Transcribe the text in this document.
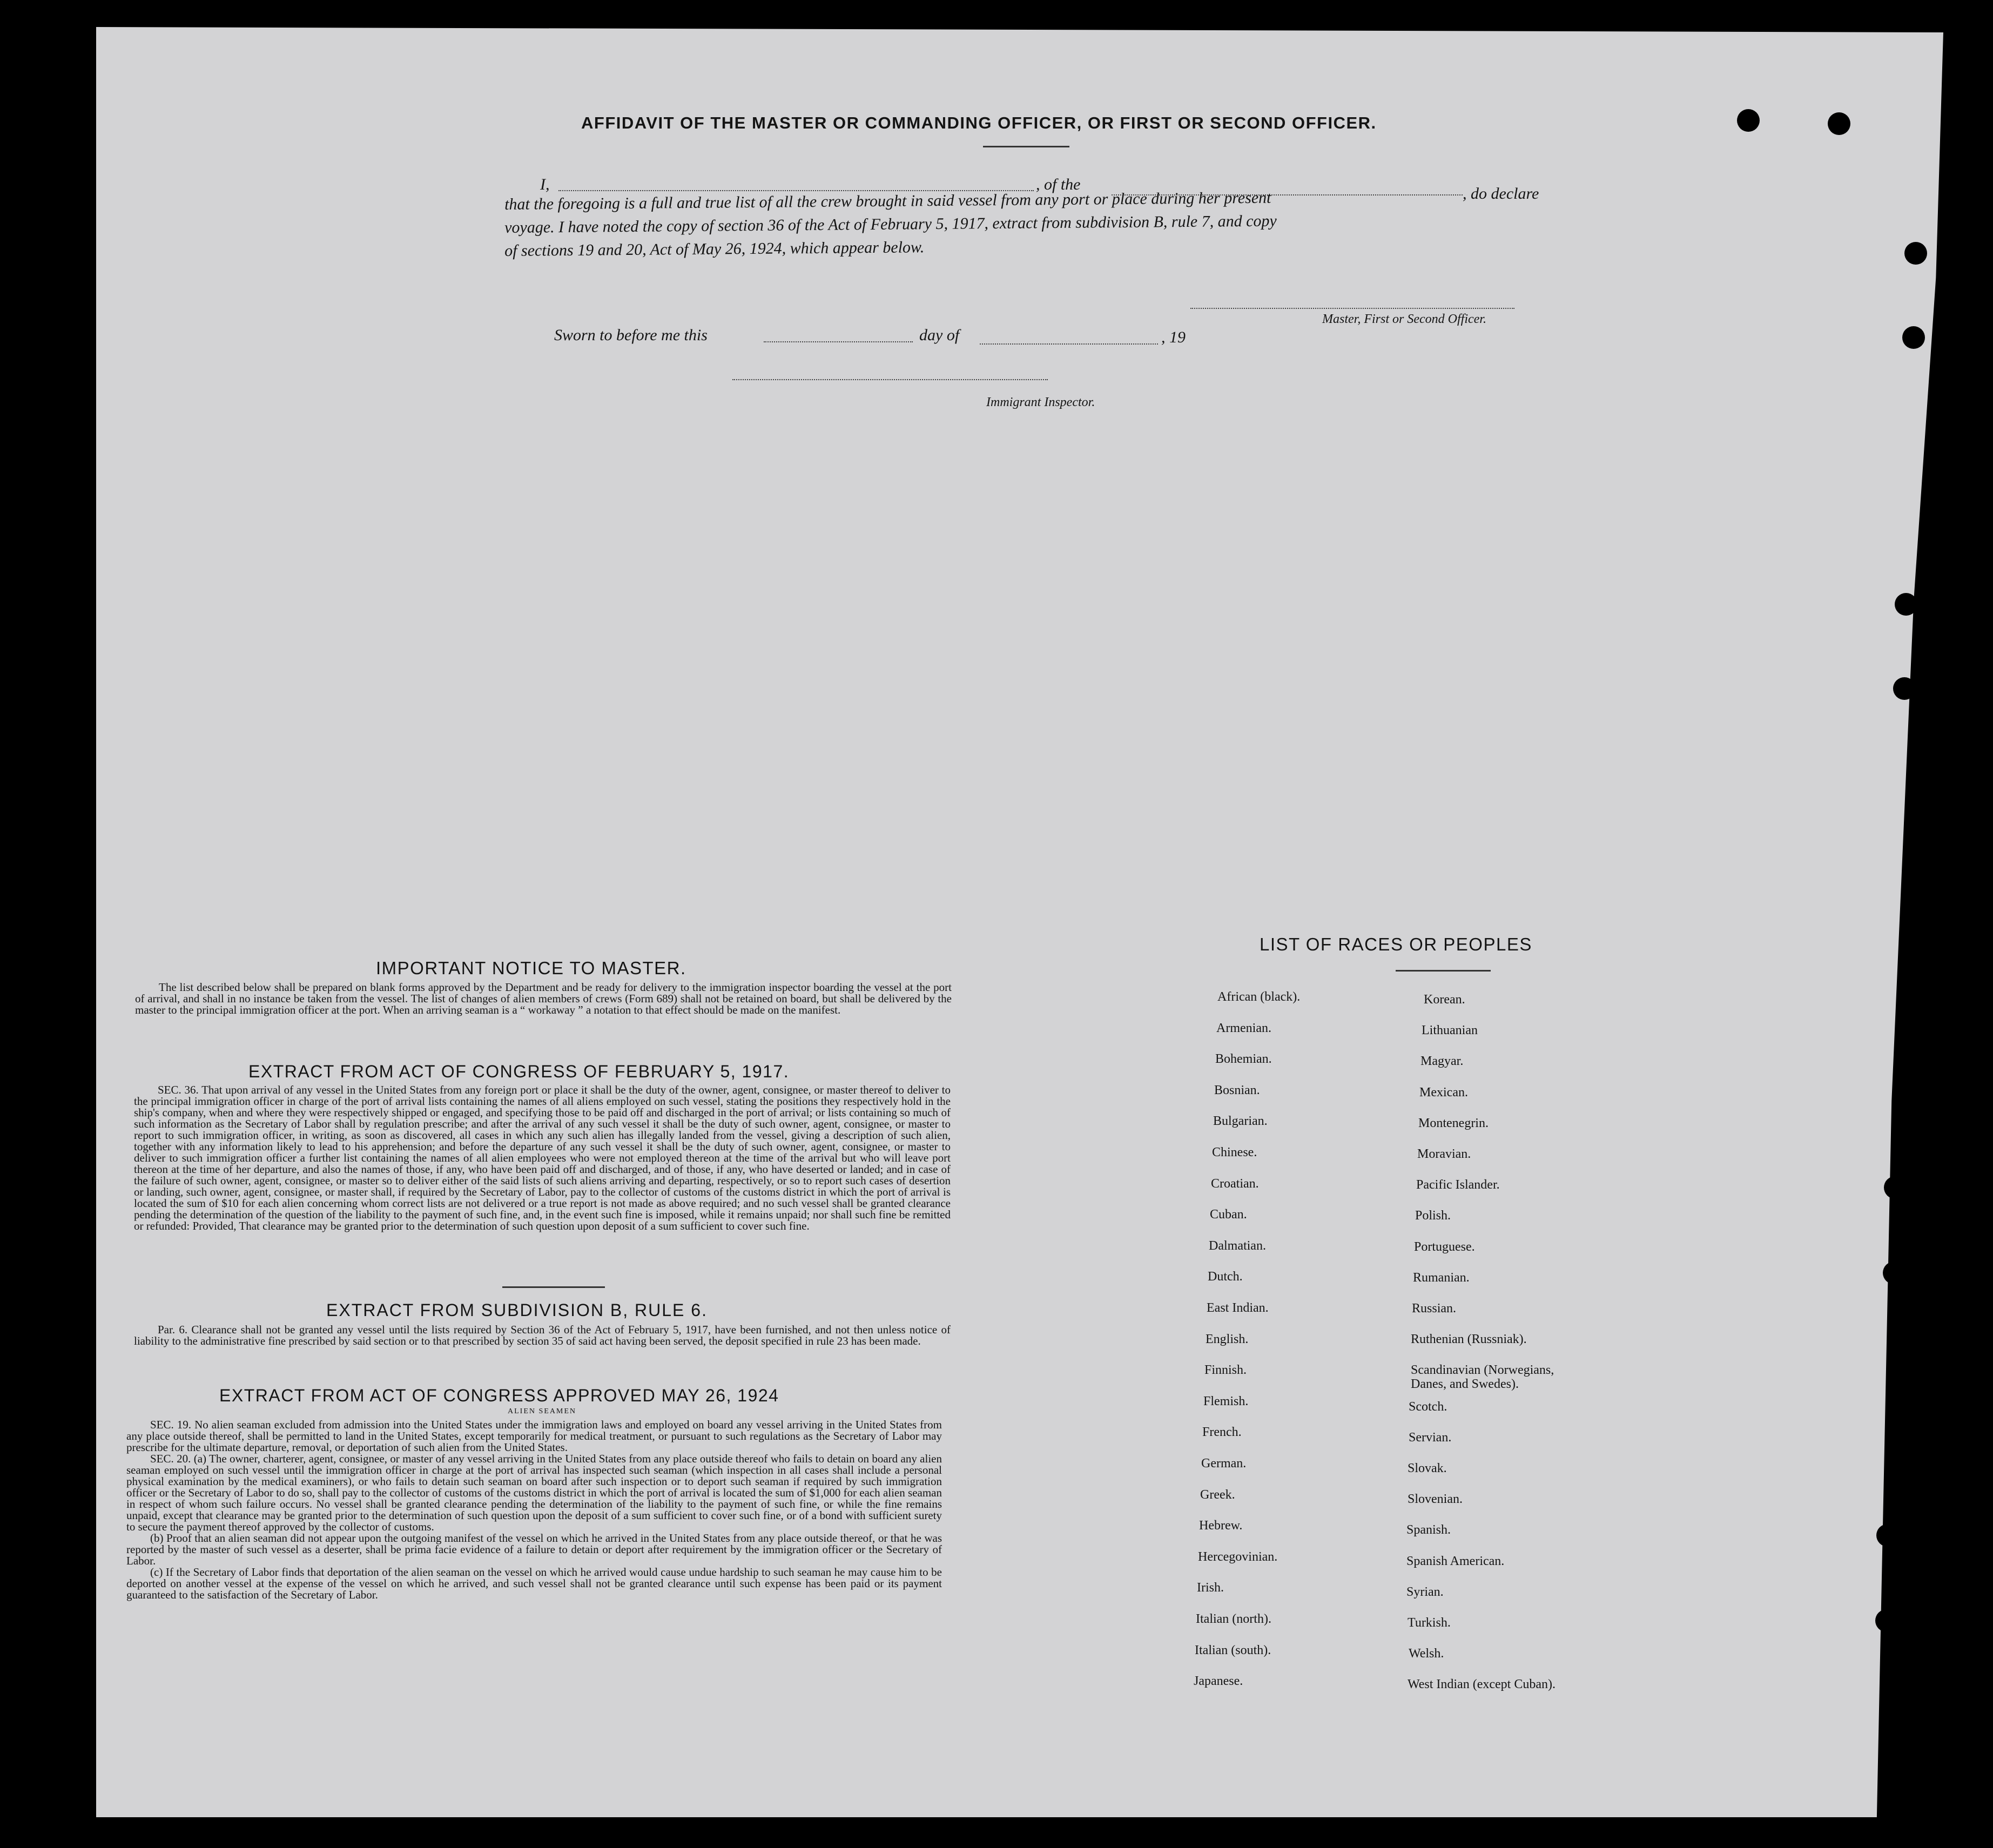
AFFIDAVIT OF THE MASTER OR COMMANDING OFFICER, OR FIRST OR SECOND OFFICER.
I,	, of the
, do declare
that the foregoing is a full and true list of all the crew brought in said vessel from any port or place during her present
voyage. I have noted the copy of section 36 of the Act of February 5, 1917, extract from subdivision B, rule 7, and copy
of sections 19 and 20, Act of May 26, 1924, which appear below.
Master, First or Second Officer.
Sworn to before me this	day of	, 19
Immigrant Inspector.
IMPORTANT NOTICE TO MASTER.

The list described below shall be prepared on blank forms approved by the Department and be ready for delivery to the immigration inspector boarding the vessel at the port of arrival, and shall in no instance be taken from the vessel. The list of changes of alien members of crews (Form 689) shall not be retained on board, but shall be delivered by the master to the principal immigration officer at the port. When an arriving seaman is a “ workaway ” a notation to that effect should be made on the manifest.

EXTRACT FROM ACT OF CONGRESS OF FEBRUARY 5, 1917.

SEC. 36. That upon arrival of any vessel in the United States from any foreign port or place it shall be the duty of the owner, agent, consignee, or master thereof to deliver to the principal immigration officer in charge of the port of arrival lists containing the names of all aliens employed on such vessel, stating the positions they respectively hold in the ship's company, when and where they were respectively shipped or engaged, and specifying those to be paid off and discharged in the port of arrival; or lists containing so much of such information as the Secretary of Labor shall by regulation prescribe; and after the arrival of any such vessel it shall be the duty of such owner, agent, consignee, or master to report to such immigration officer, in writing, as soon as discovered, all cases in which any such alien has illegally landed from the vessel, giving a description of such alien, together with any information likely to lead to his apprehension; and before the departure of any such vessel it shall be the duty of such owner, agent, consignee, or master to deliver to such immigration officer a further list containing the names of all alien employees who were not employed thereon at the time of the arrival but who will leave port thereon at the time of her departure, and also the names of those, if any, who have been paid off and discharged, and of those, if any, who have deserted or landed; and in case of the failure of such owner, agent, consignee, or master so to deliver either of the said lists of such aliens arriving and departing, respectively, or so to report such cases of desertion or landing, such owner, agent, consignee, or master shall, if required by the Secretary of Labor, pay to the collector of customs of the customs district in which the port of arrival is located the sum of $10 for each alien concerning whom correct lists are not delivered or a true report is not made as above required; and no such vessel shall be granted clearance pending the determination of the question of the liability to the payment of such fine, and, in the event such fine is imposed, while it remains unpaid; nor shall such fine be remitted or refunded: Provided, That clearance may be granted prior to the determination of such question upon deposit of a sum sufficient to cover such fine.

EXTRACT FROM SUBDIVISION B, RULE 6.

Par. 6. Clearance shall not be granted any vessel until the lists required by Section 36 of the Act of February 5, 1917, have been furnished, and not then unless notice of liability to the administrative fine prescribed by said section or to that prescribed by section 35 of said act having been served, the deposit specified in rule 23 has been made.

EXTRACT FROM ACT OF CONGRESS APPROVED MAY 26, 1924
ALIEN SEAMEN

SEC. 19. No alien seaman excluded from admission into the United States under the immigration laws and employed on board any vessel arriving in the United States from any place outside thereof, shall be permitted to land in the United States, except temporarily for medical treatment, or pursuant to such regulations as the Secretary of Labor may prescribe for the ultimate departure, removal, or deportation of such alien from the United States.

SEC. 20. (a) The owner, charterer, agent, consignee, or master of any vessel arriving in the United States from any place outside thereof who fails to detain on board any alien seaman employed on such vessel until the immigration officer in charge at the port of arrival has inspected such seaman (which inspection in all cases shall include a personal physical examination by the medical examiners), or who fails to detain such seaman on board after such inspection or to deport such seaman if required by such immigration officer or the Secretary of Labor to do so, shall pay to the collector of customs of the customs district in which the port of arrival is located the sum of $1,000 for each alien seaman in respect of whom such failure occurs. No vessel shall be granted clearance pending the determination of the liability to the payment of such fine, or while the fine remains unpaid, except that clearance may be granted prior to the determination of such question upon the deposit of a sum sufficient to cover such fine, or of a bond with sufficient surety to secure the payment thereof approved by the collector of customs.

(b) Proof that an alien seaman did not appear upon the outgoing manifest of the vessel on which he arrived in the United States from any place outside thereof, or that he was reported by the master of such vessel as a deserter, shall be prima facie evidence of a failure to detain or deport after requirement by the immigration officer or the Secretary of Labor.

(c) If the Secretary of Labor finds that deportation of the alien seaman on the vessel on which he arrived would cause undue hardship to such seaman he may cause him to be deported on another vessel at the expense of the vessel on which he arrived, and such vessel shall not be granted clearance until such expense has been paid or its payment guaranteed to the satisfaction of the Secretary of Labor.

LIST OF RACES OR PEOPLES
African (black).
Armenian.
Bohemian.
Bosnian.
Bulgarian.
Chinese.
Croatian.
Cuban.
Dalmatian.
Dutch.
East Indian.
English.
Finnish.
Flemish.
French.
German.
Greek.
Hebrew.
Hercegovinian.
Irish.
Italian (north).
Italian (south).
Japanese.
Korean.
Lithuanian
Magyar.
Mexican.
Montenegrin.
Moravian.
Pacific Islander.
Polish.
Portuguese.
Rumanian.
Russian.
Ruthenian (Russniak).
Scandinavian (Norwegians, Danes, and Swedes).
Scotch.
Servian.
Slovak.
Slovenian.
Spanish.
Spanish American.
Syrian.
Turkish.
Welsh.
West Indian (except Cuban).
